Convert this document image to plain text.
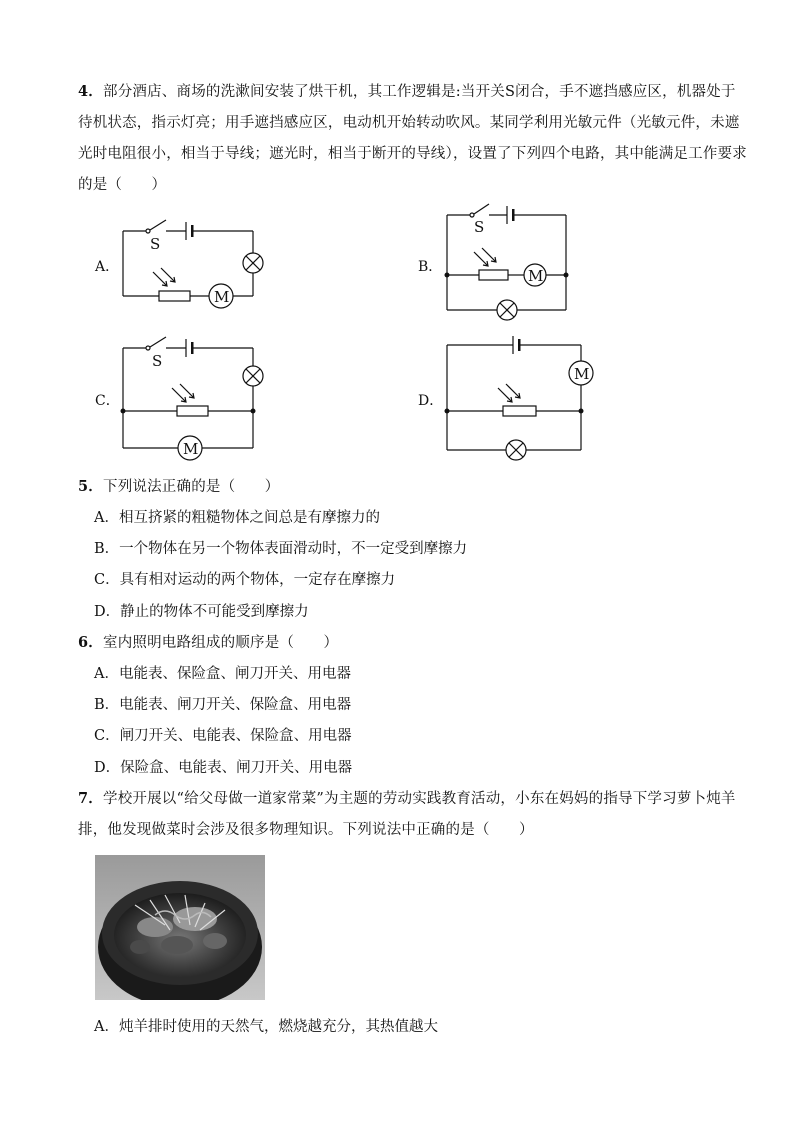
4．部分酒店、商场的洗漱间安装了烘干机，其工作逻辑是:当开关S闭合，手不遮挡感应区，机器处于待机状态，指示灯亮；用手遮挡感应区，电动机开始转动吹风。某同学利用光敏元件（光敏元件，未遮光时电阻很小，相当于导线；遮光时，相当于断开的导线），设置了下列四个电路，其中能满足工作要求的是（　　）
A．
S
M
B．
S
M
C．
S
M
D．
M
5．下列说法正确的是（　　）
A．相互挤紧的粗糙物体之间总是有摩擦力的
B．一个物体在另一个物体表面滑动时，不一定受到摩擦力
C．具有相对运动的两个物体，一定存在摩擦力
D．静止的物体不可能受到摩擦力
6．室内照明电路组成的顺序是（　　）
A．电能表、保险盒、闸刀开关、用电器
B．电能表、闸刀开关、保险盒、用电器
C．闸刀开关、电能表、保险盒、用电器
D．保险盒、电能表、闸刀开关、用电器
7．学校开展以“给父母做一道家常菜”为主题的劳动实践教育活动，小东在妈妈的指导下学习萝卜炖羊排，他发现做菜时会涉及很多物理知识。下列说法中正确的是（　　）
A．炖羊排时使用的天然气，燃烧越充分，其热值越大
